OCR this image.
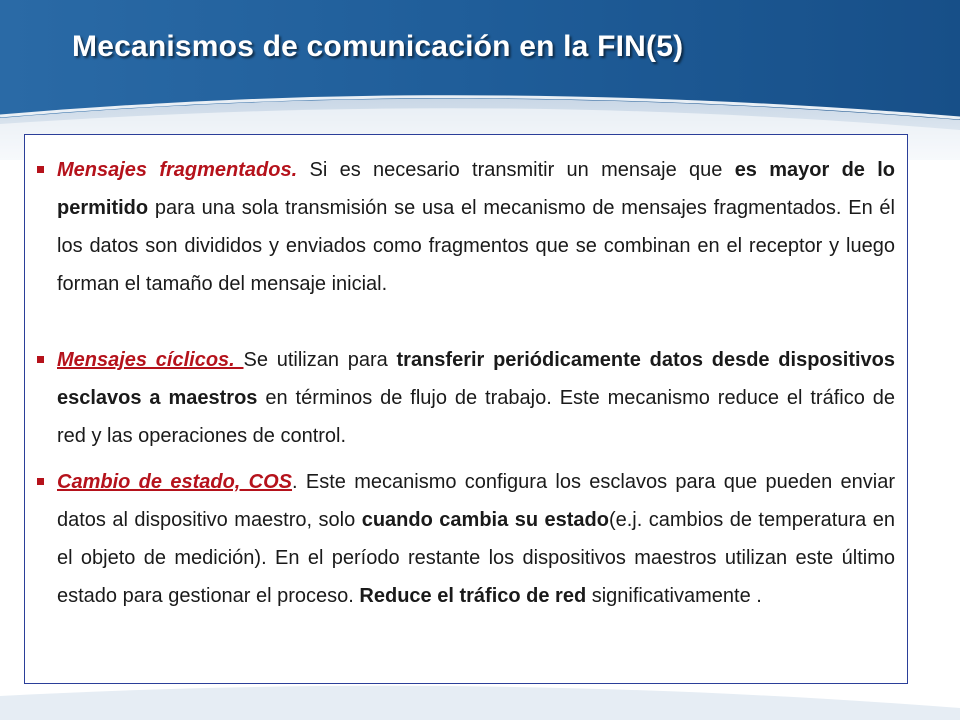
Mecanismos de comunicación en la FIN(5)
Mensajes fragmentados. Si es necesario transmitir un mensaje que es mayor de lo permitido para una sola transmisión se usa el mecanismo de mensajes fragmentados. En él los datos son divididos y enviados como fragmentos que se combinan en el receptor y luego forman el tamaño del mensaje inicial.
Mensajes cíclicos. Se utilizan para transferir periódicamente datos desde dispositivos esclavos a maestros en términos de flujo de trabajo. Este mecanismo reduce el tráfico de red y las operaciones de control.
Cambio de estado, COS. Este mecanismo configura los esclavos para que pueden enviar datos al dispositivo maestro, solo cuando cambia su estado(e.j. cambios de temperatura en el objeto de medición). En el período restante los dispositivos maestros utilizan este último estado para gestionar el proceso. Reduce el tráfico de red significativamente .
